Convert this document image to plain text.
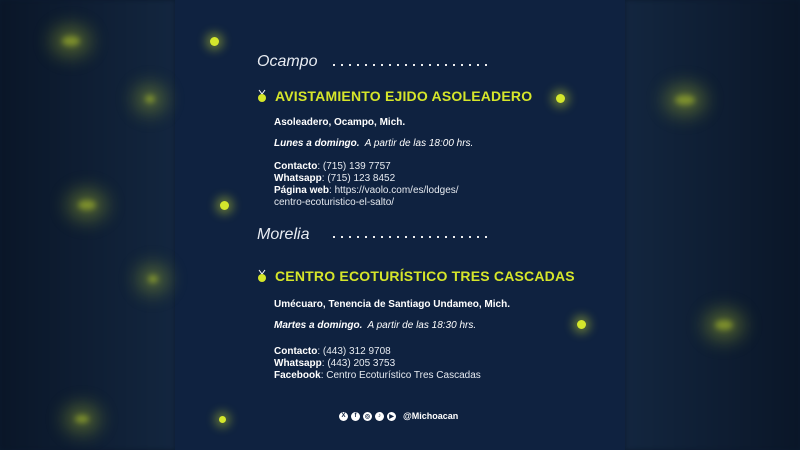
Ocampo
AVISTAMIENTO EJIDO ASOLEADERO
Asoleadero, Ocampo, Mich.
Lunes a domingo. A partir de las 18:00 hrs.
Contacto: (715) 139 7757
Whatsapp: (715) 123 8452
Página web: https://vaolo.com/es/lodges/
centro-ecoturistico-el-salto/
Morelia
CENTRO ECOTURÍSTICO TRES CASCADAS
Umécuaro, Tenencia de Santiago Undameo, Mich.
Martes a domingo. A partir de las 18:30 hrs.
Contacto: (443) 312 9708
Whatsapp: (443) 205 3753
Facebook: Centro Ecoturístico Tres Cascadas
X	f	◎	♪	▶ @Michoacan
